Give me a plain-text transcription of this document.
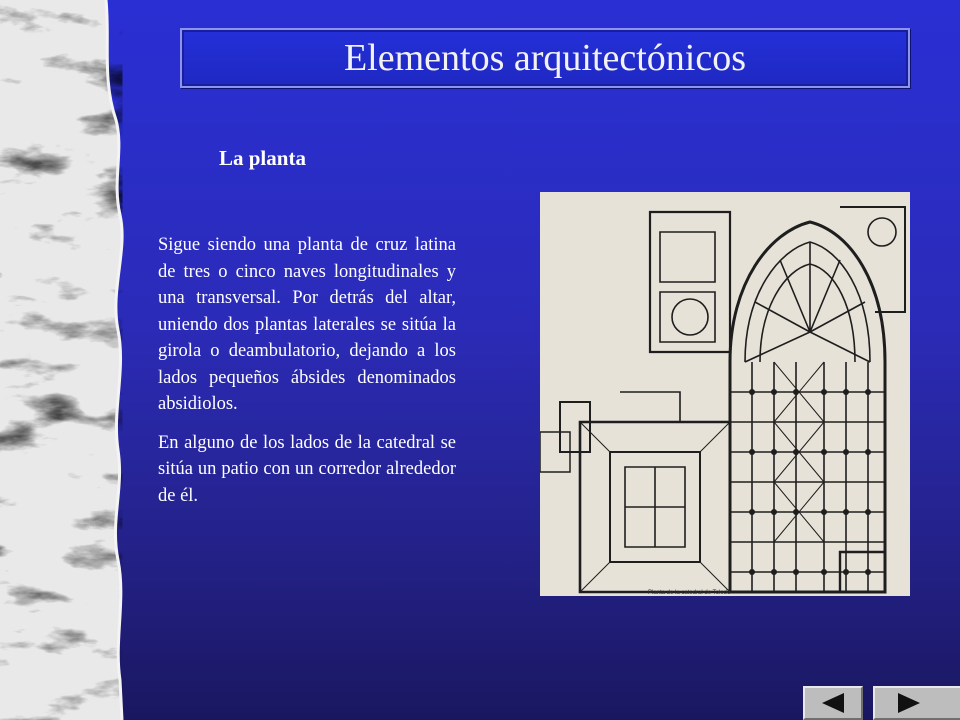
Elementos arquitectónicos
La planta

Sigue siendo una planta de cruz latina de tres o cinco naves longitudinales y una transversal. Por detrás del altar, uniendo dos plantas laterales se sitúa la girola o deambulatorio, dejando a los lados pequeños ábsides denominados absidiolos.

En alguno de los lados de la catedral se sitúa un patio con un corredor alrededor de él.

Planta de la catedral de Toledo
